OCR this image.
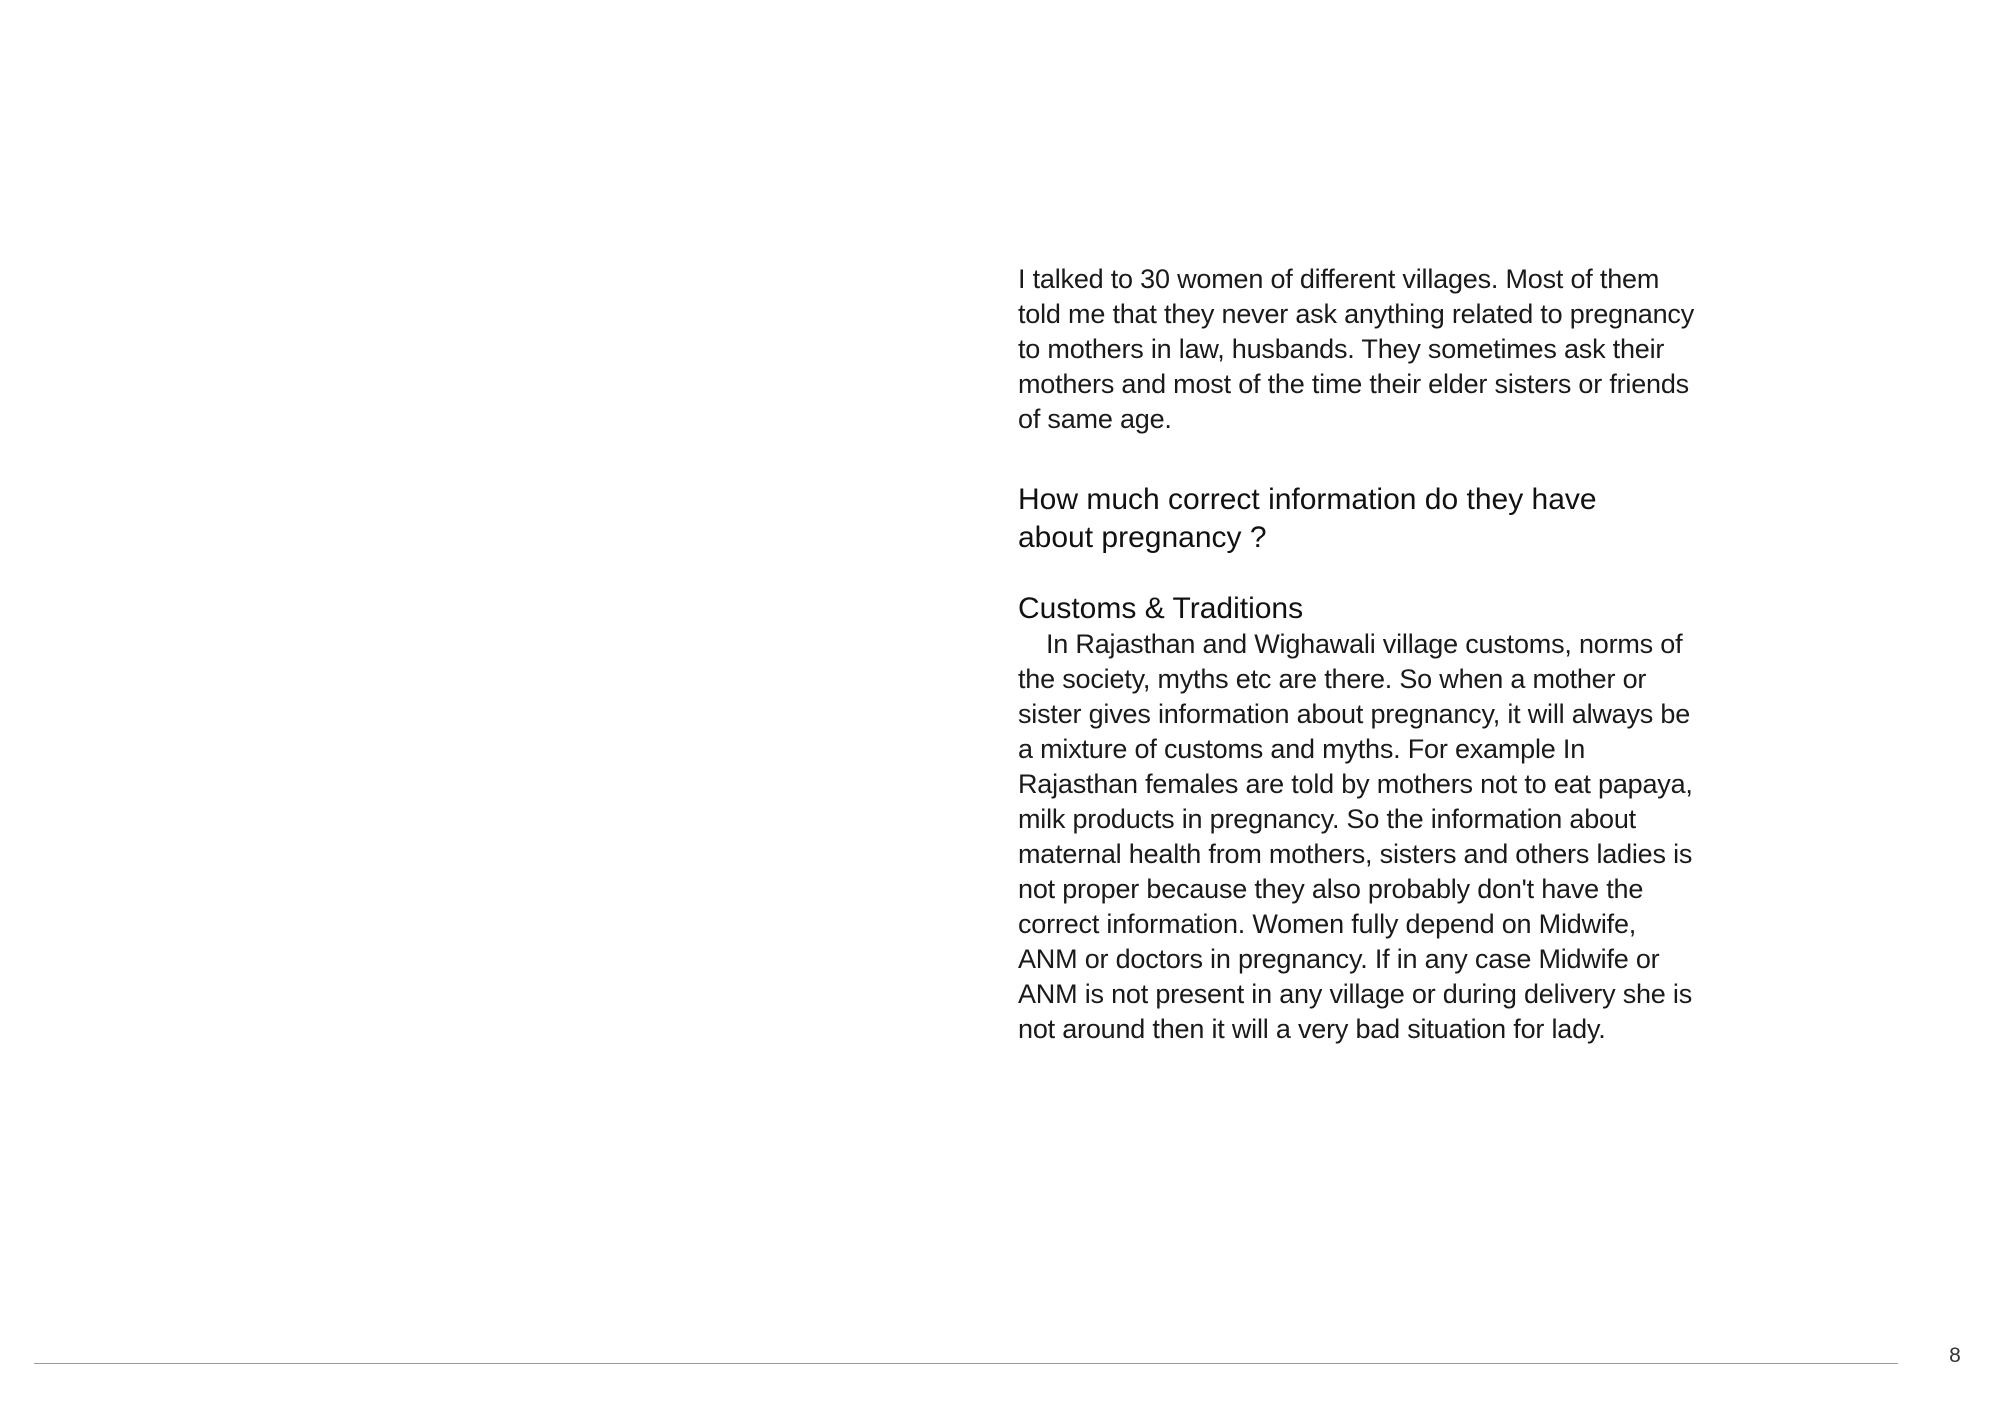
I talked to 30 women of different villages. Most of them told me that they never ask anything related to pregnancy to mothers in law, husbands. They sometimes ask their mothers and most of the time their elder sisters or friends of same age.

How much correct information do they have about pregnancy ?
Customs & Traditions

In Rajasthan and Wighawali village customs, norms of the society, myths etc are there. So when a mother or sister gives information about pregnancy, it will always be a mixture of customs and myths. For example In Rajasthan females are told by mothers not to eat papaya, milk products in pregnancy. So the information about maternal health from mothers, sisters and others ladies is not proper because they also probably don't have the correct information. Women fully depend on Midwife, ANM or doctors in pregnancy. If in any case Midwife or ANM is not present in any village or during delivery she is not around then it will a very bad situation for lady.

8
